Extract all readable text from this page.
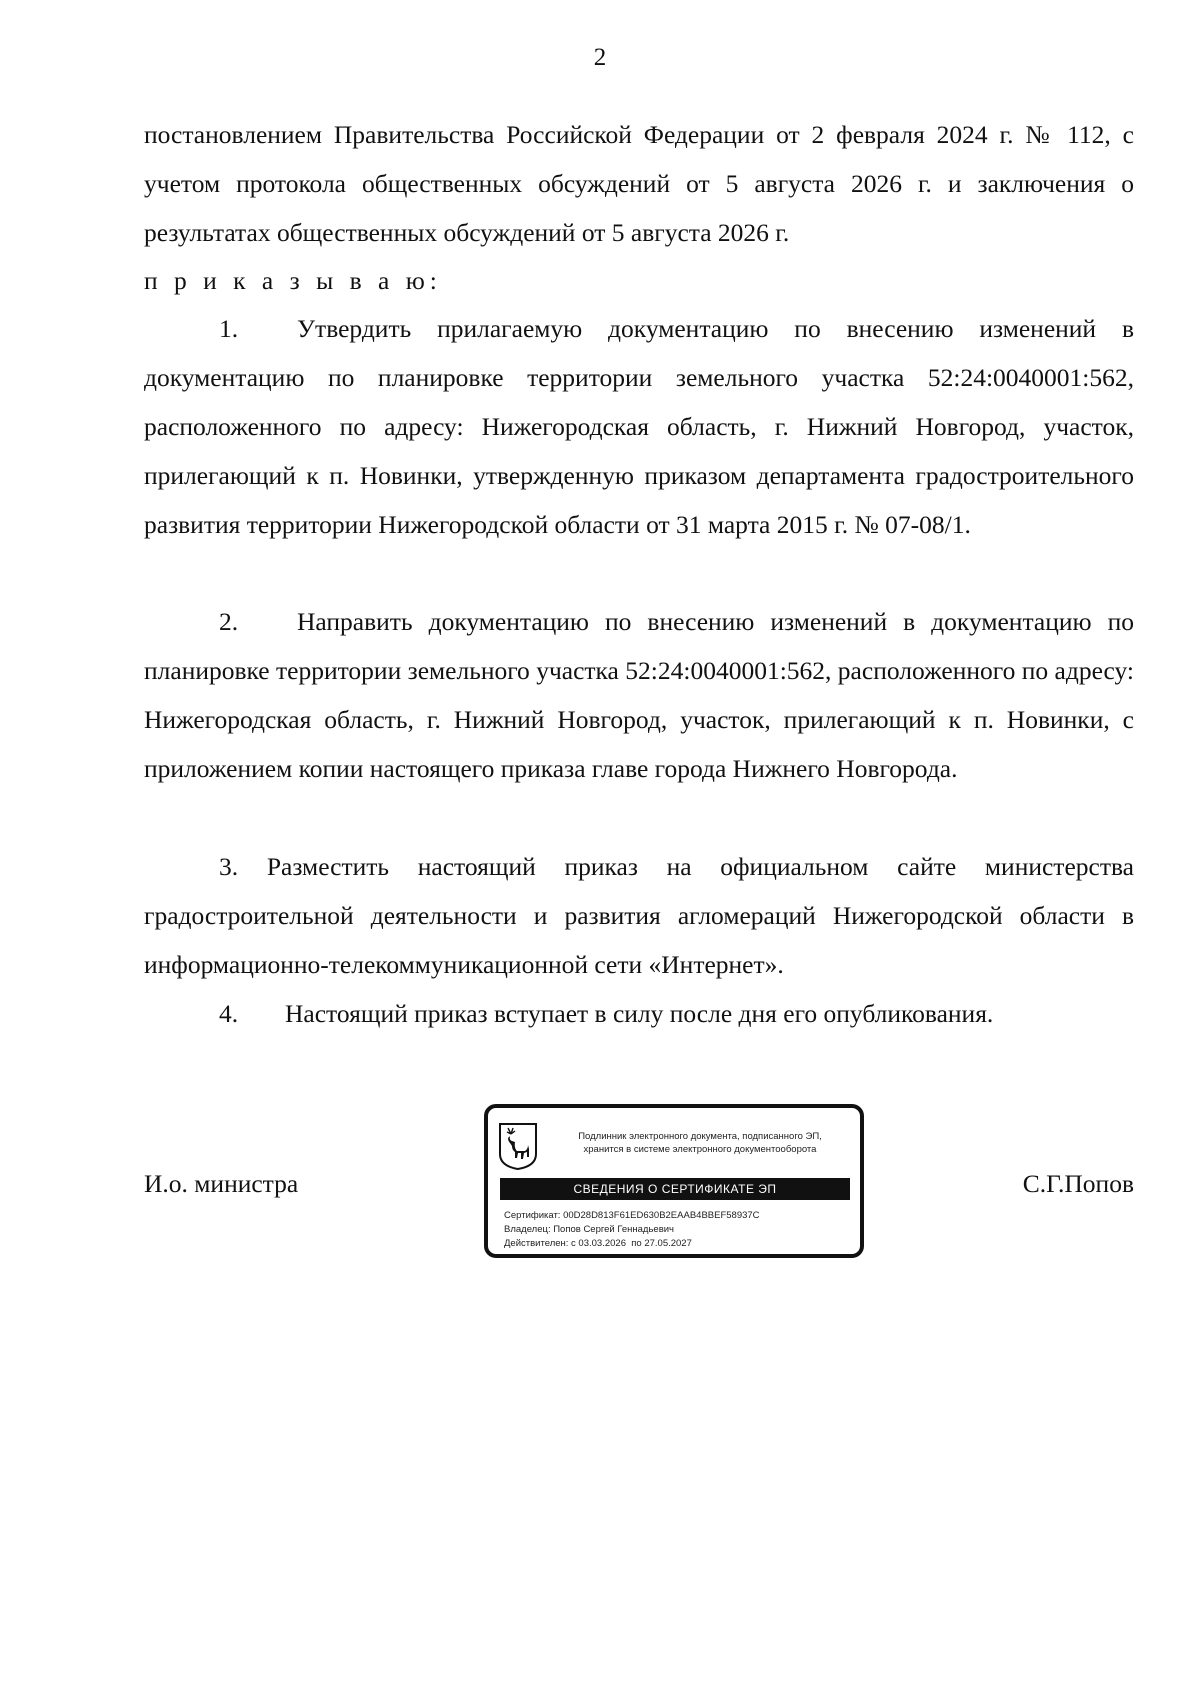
2

постановлением Правительства Российской Федерации от 2 февраля 2024 г. № 112, с учетом протокола общественных обсуждений от 5 августа 2026 г. и заключения о результатах общественных обсуждений от 5 августа 2026 г.

п р и к а з ы в а ю:

1. Утвердить прилагаемую документацию по внесению изменений в документацию по планировке территории земельного участка 52:24:0040001:562, расположенного по адресу: Нижегородская область, г. Нижний Новгород, участок, прилегающий к п. Новинки, утвержденную приказом департамента градостроительного развития территории Нижегородской области от 31 марта 2015 г. № 07-08/1.

2. Направить документацию по внесению изменений в документацию по планировке территории земельного участка 52:24:0040001:562, расположенного по адресу: Нижегородская область, г. Нижний Новгород, участок, прилегающий к п. Новинки, с приложением копии настоящего приказа главе города Нижнего Новгорода.

3. Разместить настоящий приказ на официальном сайте министерства градостроительной деятельности и развития агломераций Нижегородской области в информационно-телекоммуникационной сети «Интернет».

4. Настоящий приказ вступает в силу после дня его опубликования.

И.о. министра	С.Г.Попов
Подлинник электронного документа, подписанного ЭП,
хранится в системе электронного документооборота
СВЕДЕНИЯ О СЕРТИФИКАТЕ ЭП
Сертификат: 00D28D813F61ED630B2EAAB4BBEF58937C
Владелец: Попов Сергей Геннадьевич
Действителен: с 03.03.2026  по 27.05.2027
